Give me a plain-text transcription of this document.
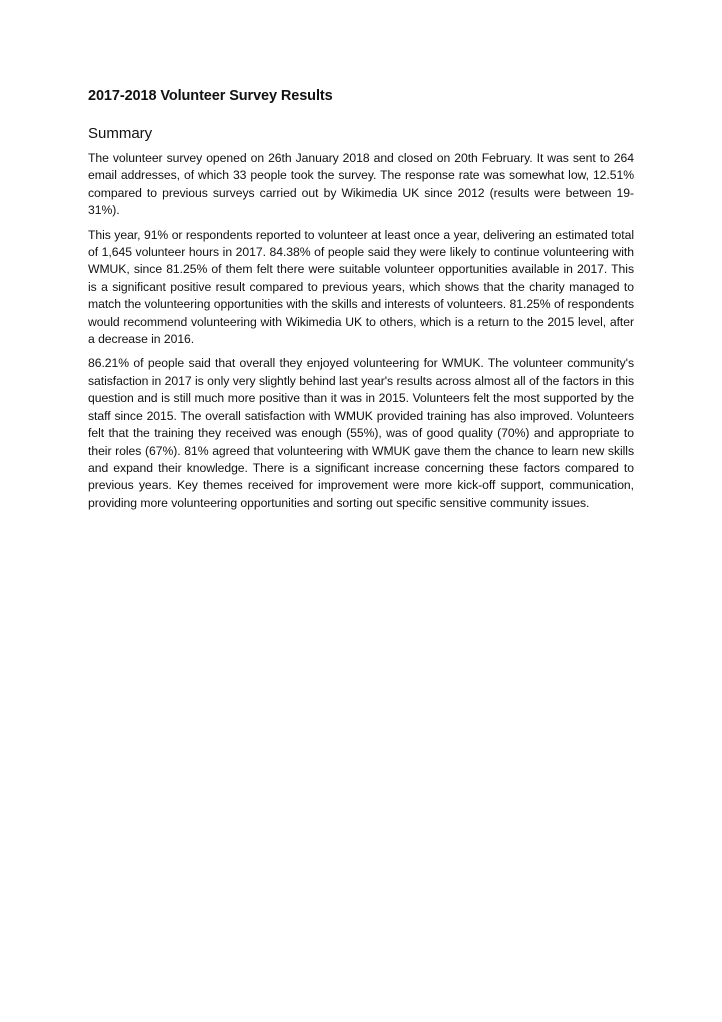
2017-2018 Volunteer Survey Results
Summary

The volunteer survey opened on 26th January 2018 and closed on 20th February. It was sent to 264 email addresses, of which 33 people took the survey. The response rate was somewhat low, 12.51% compared to previous surveys carried out by Wikimedia UK since 2012 (results were between 19-31%).

This year, 91% or respondents reported to volunteer at least once a year, delivering an estimated total of 1,645 volunteer hours in 2017. 84.38% of people said they were likely to continue volunteering with WMUK, since 81.25% of them felt there were suitable volunteer opportunities available in 2017. This is a significant positive result compared to previous years, which shows that the charity managed to match the volunteering opportunities with the skills and interests of volunteers. 81.25% of respondents would recommend volunteering with Wikimedia UK to others, which is a return to the 2015 level, after a decrease in 2016.

86.21% of people said that overall they enjoyed volunteering for WMUK. The volunteer community's satisfaction in 2017 is only very slightly behind last year's results across almost all of the factors in this question and is still much more positive than it was in 2015. Volunteers felt the most supported by the staff since 2015. The overall satisfaction with WMUK provided training has also improved. Volunteers felt that the training they received was enough (55%), was of good quality (70%) and appropriate to their roles (67%). 81% agreed that volunteering with WMUK gave them the chance to learn new skills and expand their knowledge. There is a significant increase concerning these factors compared to previous years. Key themes received for improvement were more kick-off support, communication, providing more volunteering opportunities and sorting out specific sensitive community issues.
